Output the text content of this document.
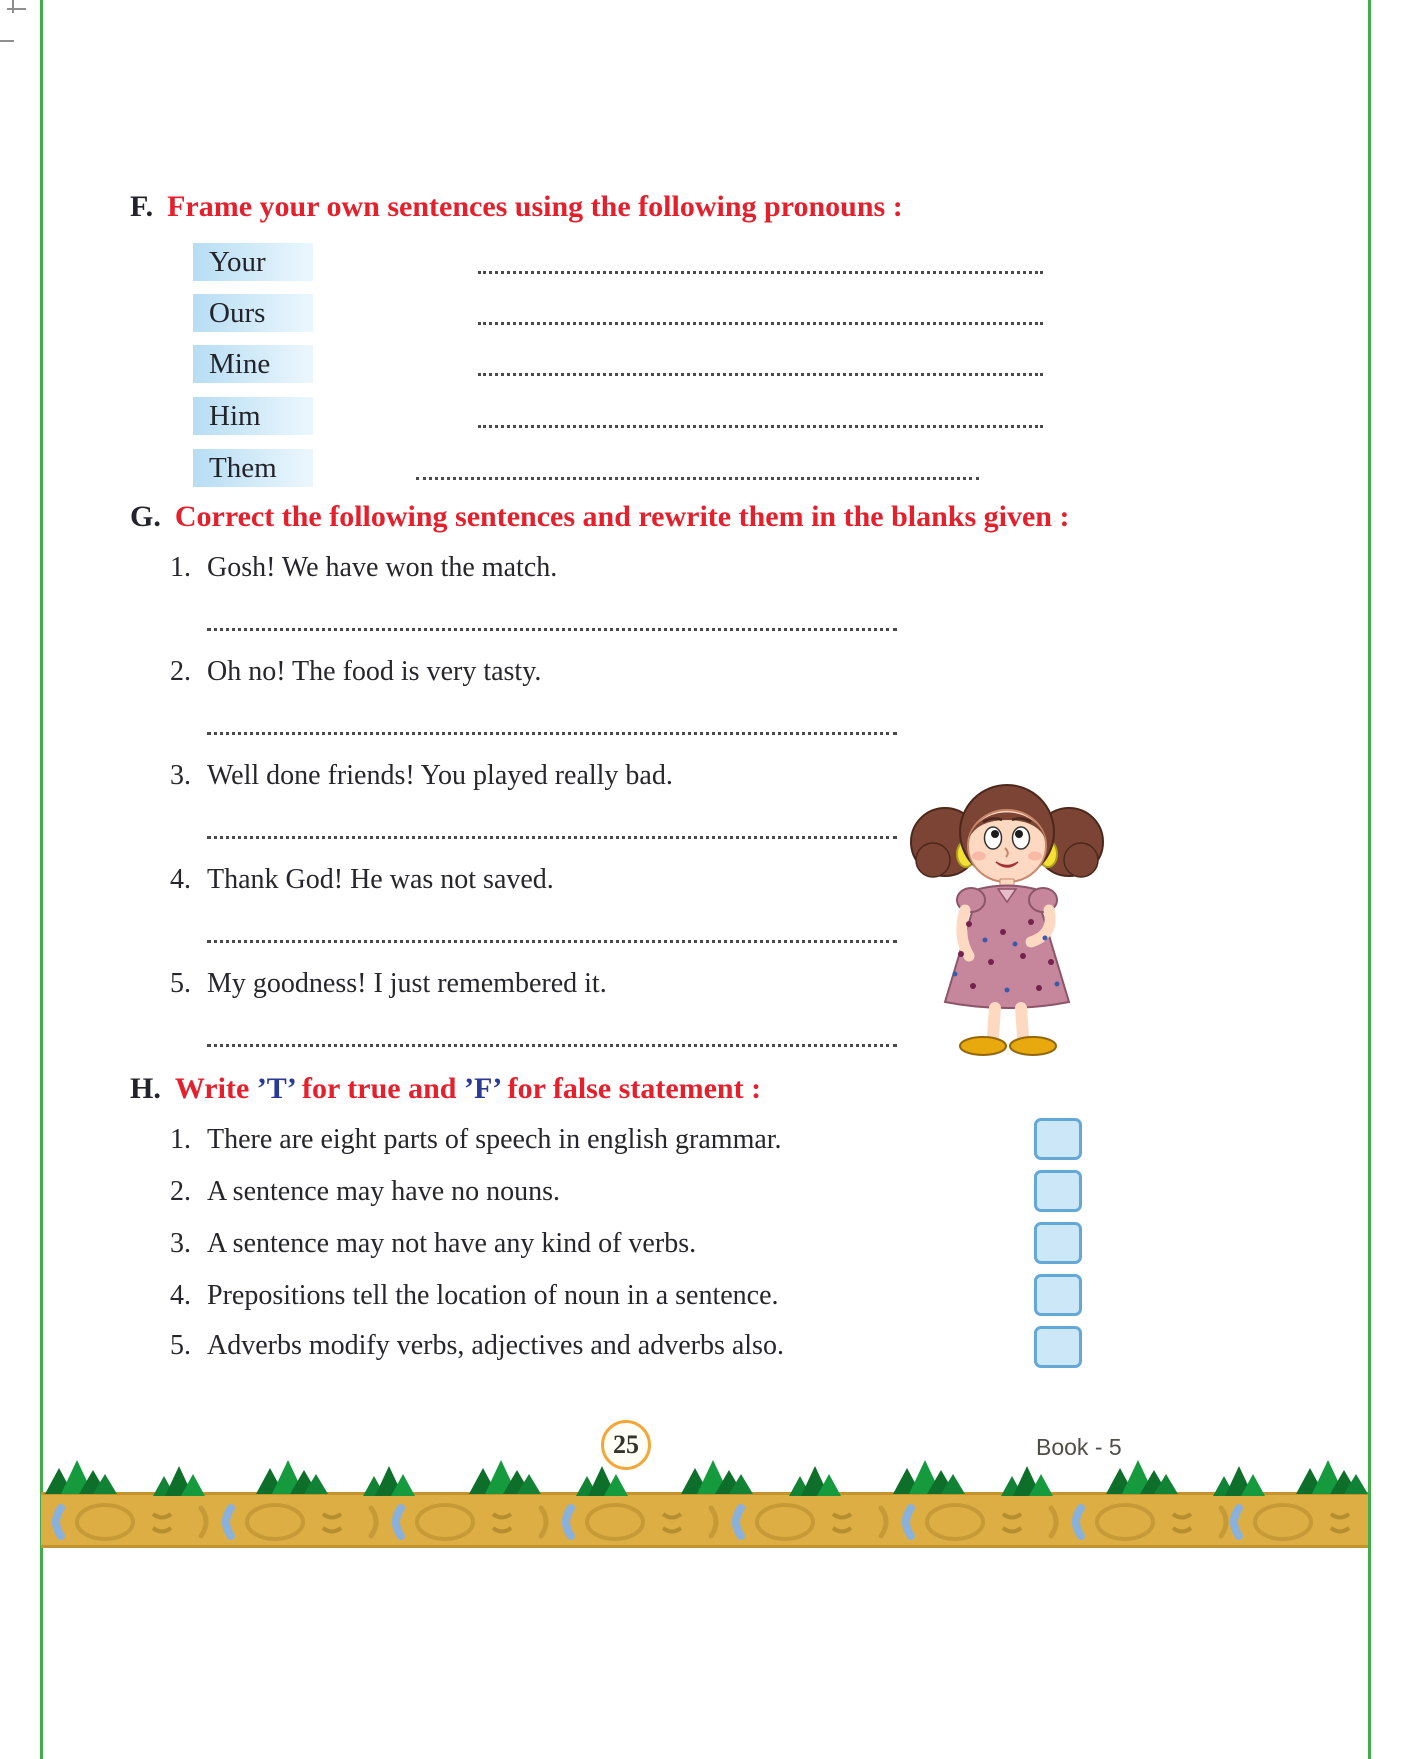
F. Frame your own sentences using the following pronouns :
Your
Ours
Mine
Him
Them
G. Correct the following sentences and rewrite them in the blanks given :
1. Gosh! We have won the match.
2. Oh no! The food is very tasty.
3. Well done friends! You played really bad.
4. Thank God! He was not saved.
5. My goodness! I just remembered it.
H. Write ’T’ for true and ’F’ for false statement :
1. There are eight parts of speech in english grammar.
2. A sentence may have no nouns.
3. A sentence may not have any kind of verbs.
4. Prepositions tell the location of noun in a sentence.
5. Adverbs modify verbs, adjectives and adverbs also.
25	Book - 5
